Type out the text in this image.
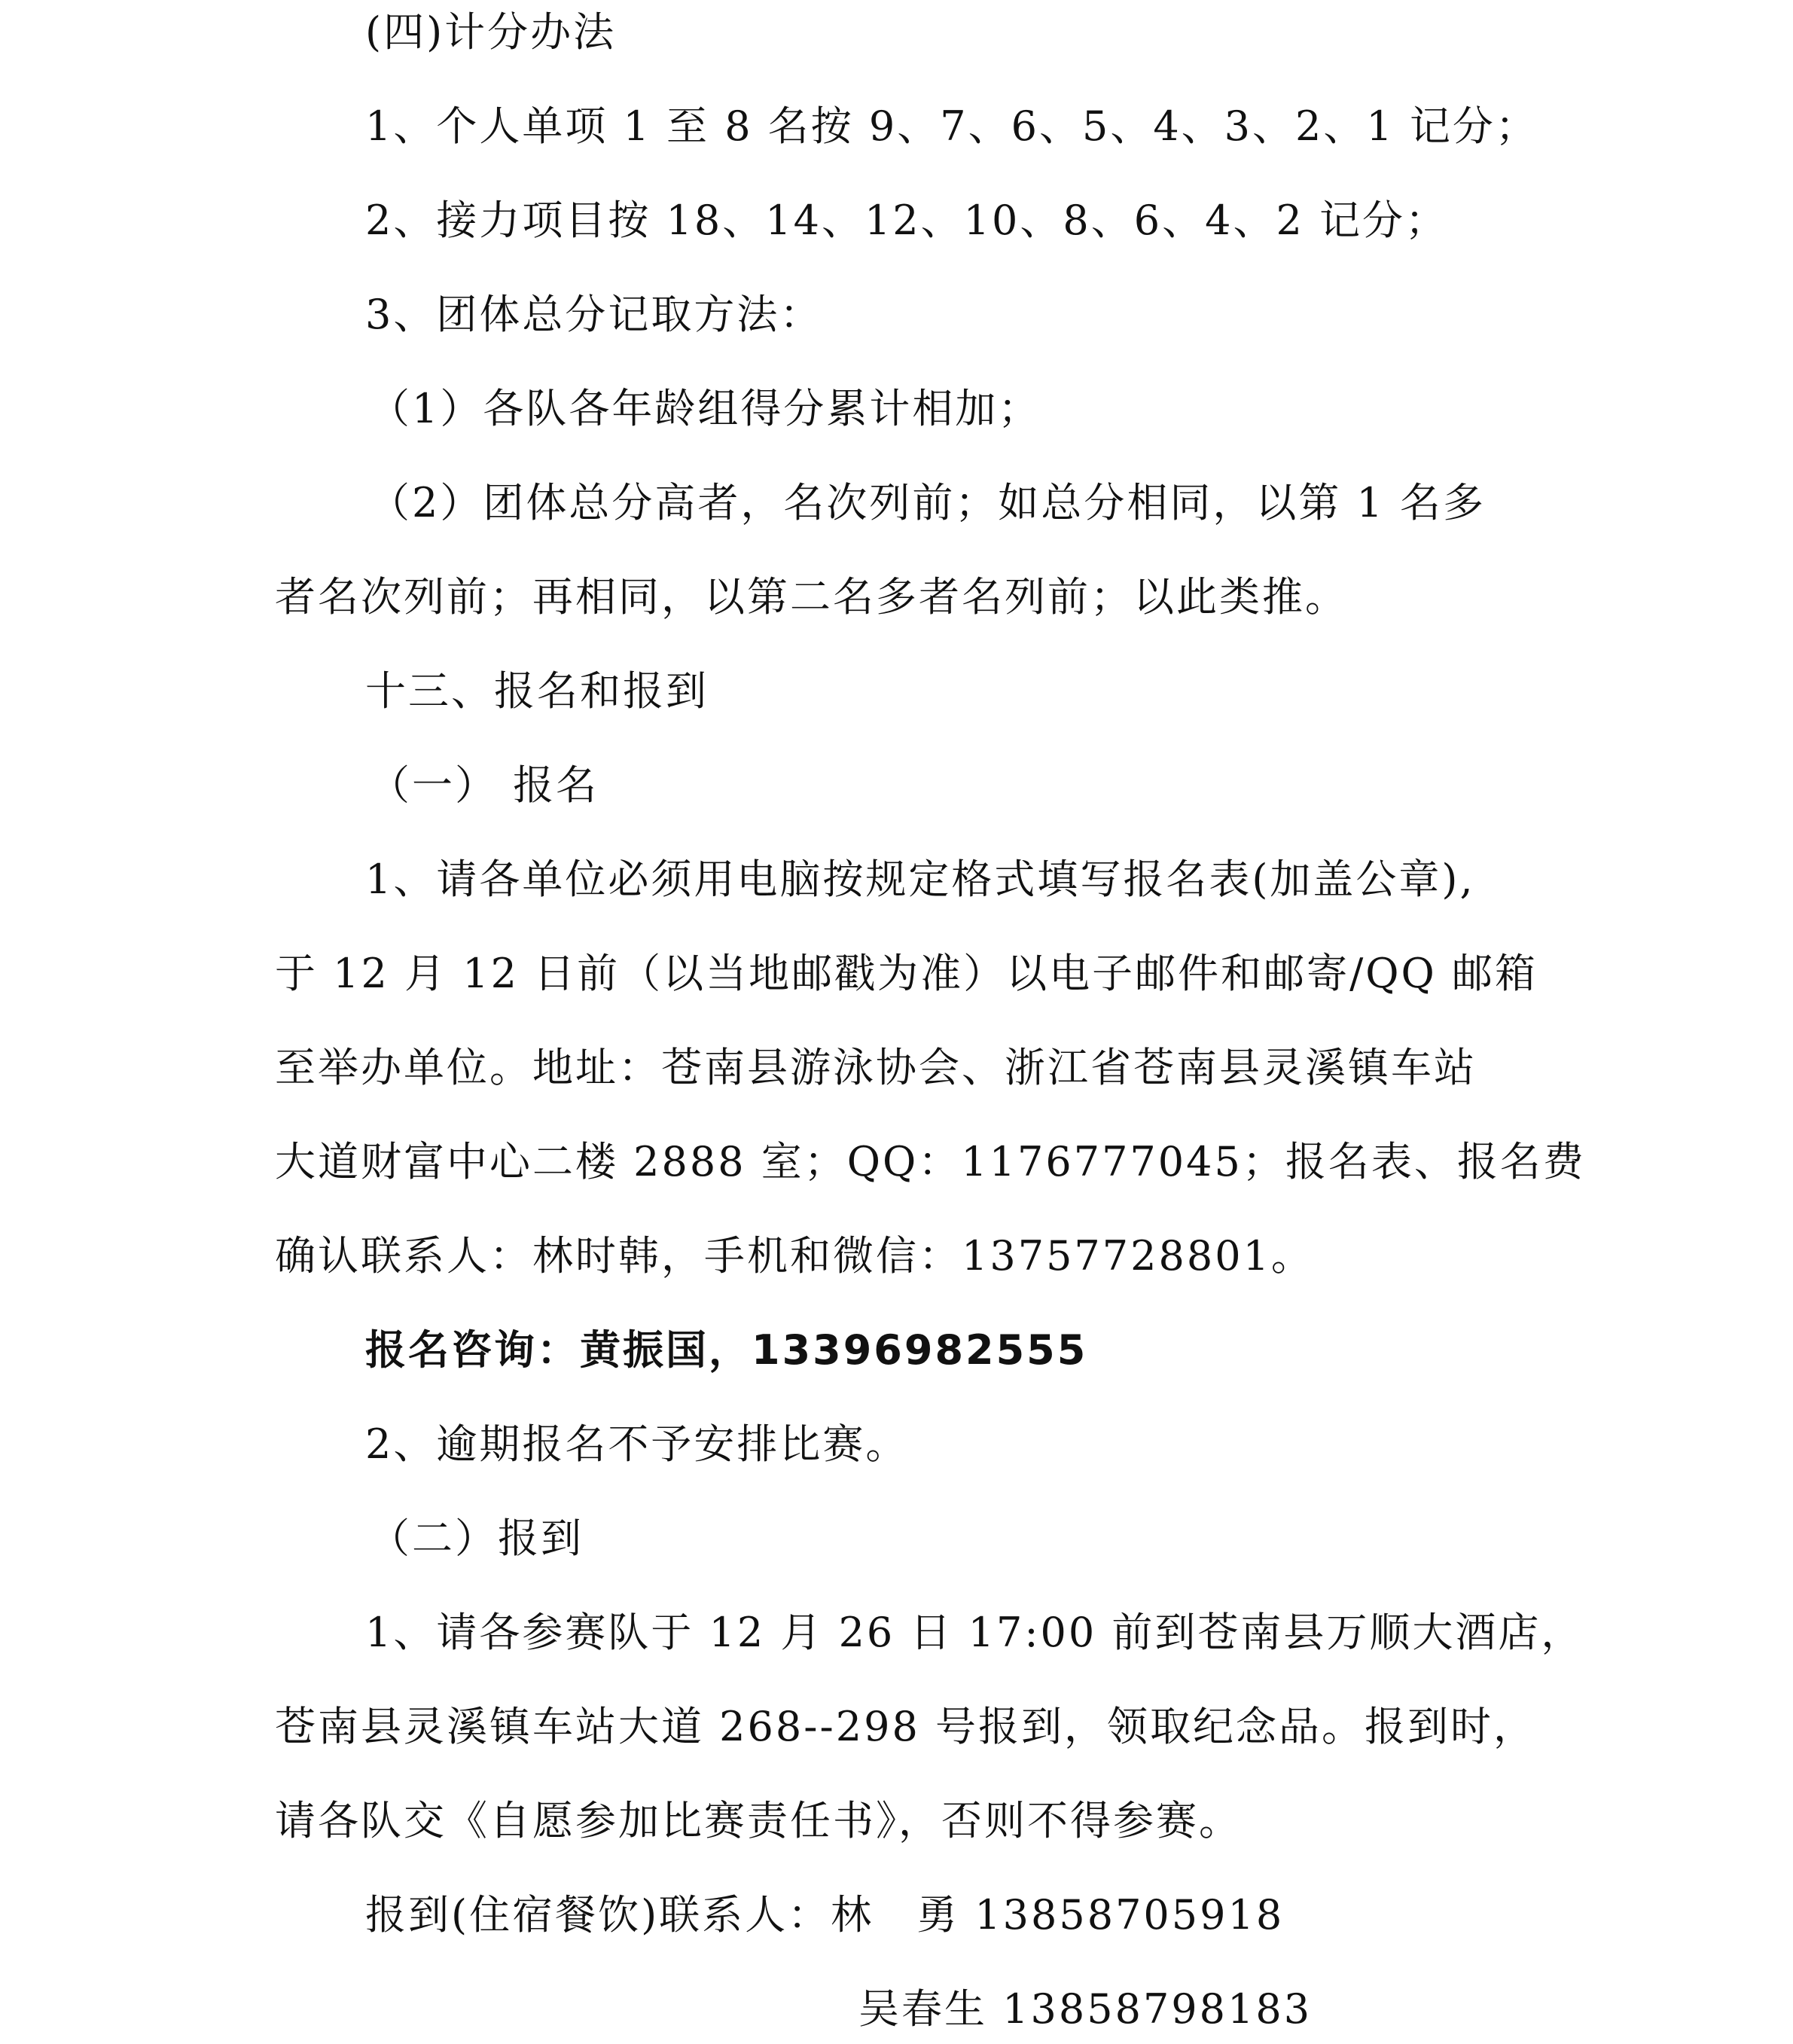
(四)计分办法
1、个人单项 1 至 8 名按 9、7、6、5、4、3、2、1 记分；
2、接力项目按 18、14、12、10、8、6、4、2 记分；
3、团体总分记取方法：
（1）各队各年龄组得分累计相加；
（2）团体总分高者，名次列前；如总分相同，以第 1 名多
者名次列前；再相同，以第二名多者名列前；以此类推。
十三、报名和报到
（一） 报名
1、请各单位必须用电脑按规定格式填写报名表(加盖公章),
于 12 月 12 日前（以当地邮戳为准）以电子邮件和邮寄/QQ 邮箱
至举办单位。地址：苍南县游泳协会、浙江省苍南县灵溪镇车站
大道财富中心二楼 2888 室；QQ：1176777045；报名表、报名费
确认联系人：林时韩，手机和微信：13757728801。
报名咨询：黄振国，13396982555
2、逾期报名不予安排比赛。
（二）报到
1、请各参赛队于 12 月 26 日 17:00 前到苍南县万顺大酒店，
苍南县灵溪镇车站大道 268--298 号报到，领取纪念品。报到时，
请各队交《自愿参加比赛责任书》，否则不得参赛。
报到(住宿餐饮)联系人：林　勇 13858705918
吴春生 13858798183
